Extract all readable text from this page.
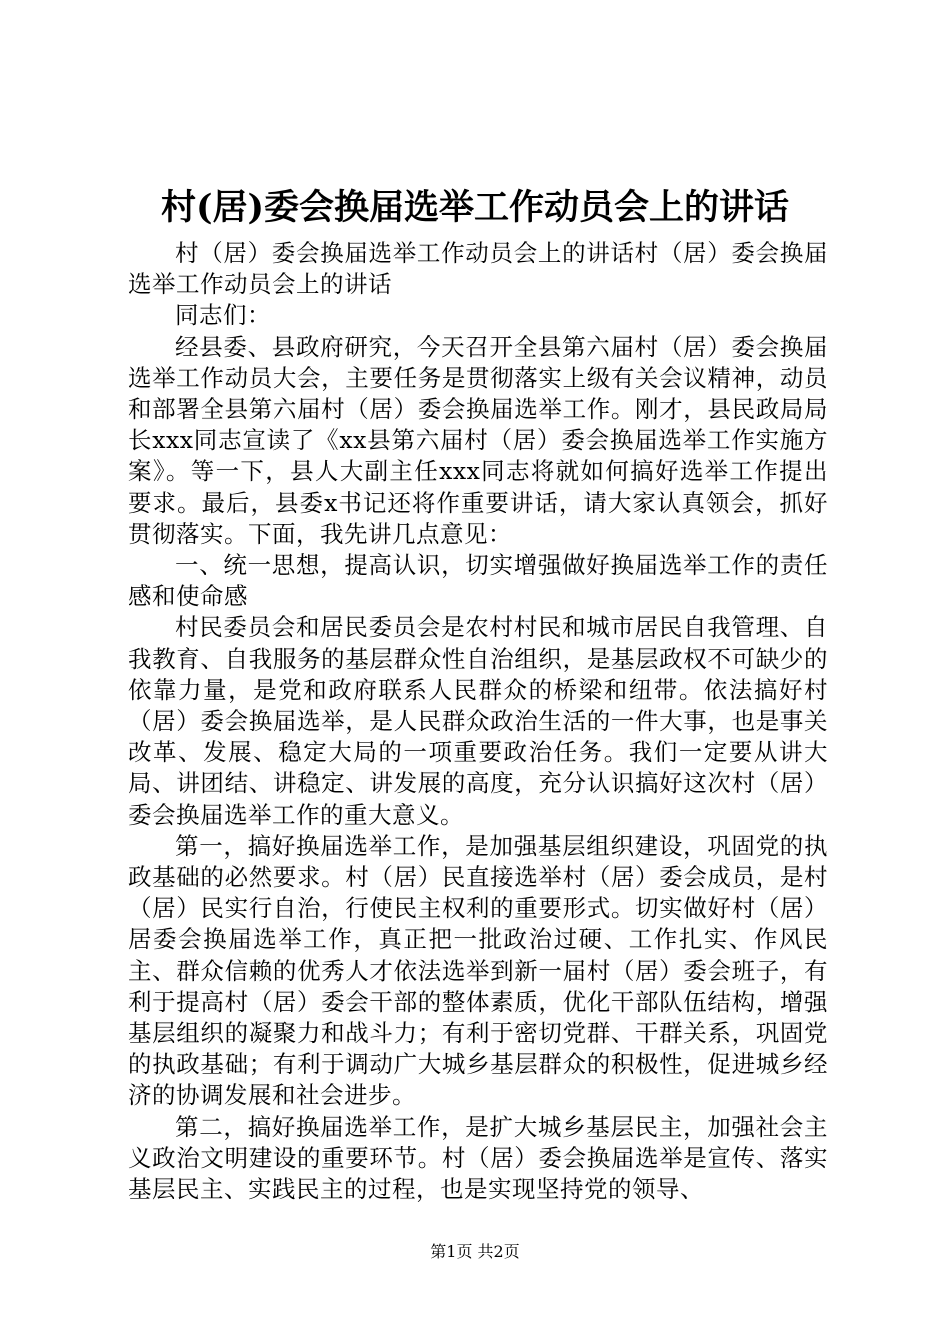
村(居)委会换届选举工作动员会上的讲话

村（居）委会换届选举工作动员会上的讲话村（居）委会换届选举工作动员会上的讲话

同志们：

经县委、县政府研究，今天召开全县第六届村（居）委会换届选举工作动员大会，主要任务是贯彻落实上级有关会议精神，动员和部署全县第六届村（居）委会换届选举工作。刚才，县民政局局长xxx同志宣读了《xx县第六届村（居）委会换届选举工作实施方案》。等一下，县人大副主任xxx同志将就如何搞好选举工作提出要求。最后，县委x书记还将作重要讲话，请大家认真领会，抓好贯彻落实。下面，我先讲几点意见：

一、统一思想，提高认识，切实增强做好换届选举工作的责任感和使命感

村民委员会和居民委员会是农村村民和城市居民自我管理、自我教育、自我服务的基层群众性自治组织，是基层政权不可缺少的依靠力量，是党和政府联系人民群众的桥梁和纽带。依法搞好村（居）委会换届选举，是人民群众政治生活的一件大事，也是事关改革、发展、稳定大局的一项重要政治任务。我们一定要从讲大局、讲团结、讲稳定、讲发展的高度，充分认识搞好这次村（居）委会换届选举工作的重大意义。

第一，搞好换届选举工作，是加强基层组织建设，巩固党的执政基础的必然要求。村（居）民直接选举村（居）委会成员，是村（居）民实行自治，行使民主权利的重要形式。切实做好村（居）居委会换届选举工作，真正把一批政治过硬、工作扎实、作风民主、群众信赖的优秀人才依法选举到新一届村（居）委会班子，有利于提高村（居）委会干部的整体素质，优化干部队伍结构，增强基层组织的凝聚力和战斗力；有利于密切党群、干群关系，巩固党的执政基础；有利于调动广大城乡基层群众的积极性，促进城乡经济的协调发展和社会进步。

第二，搞好换届选举工作，是扩大城乡基层民主，加强社会主义政治文明建设的重要环节。村（居）委会换届选举是宣传、落实基层民主、实践民主的过程，也是实现坚持党的领导、

第1页 共2页
